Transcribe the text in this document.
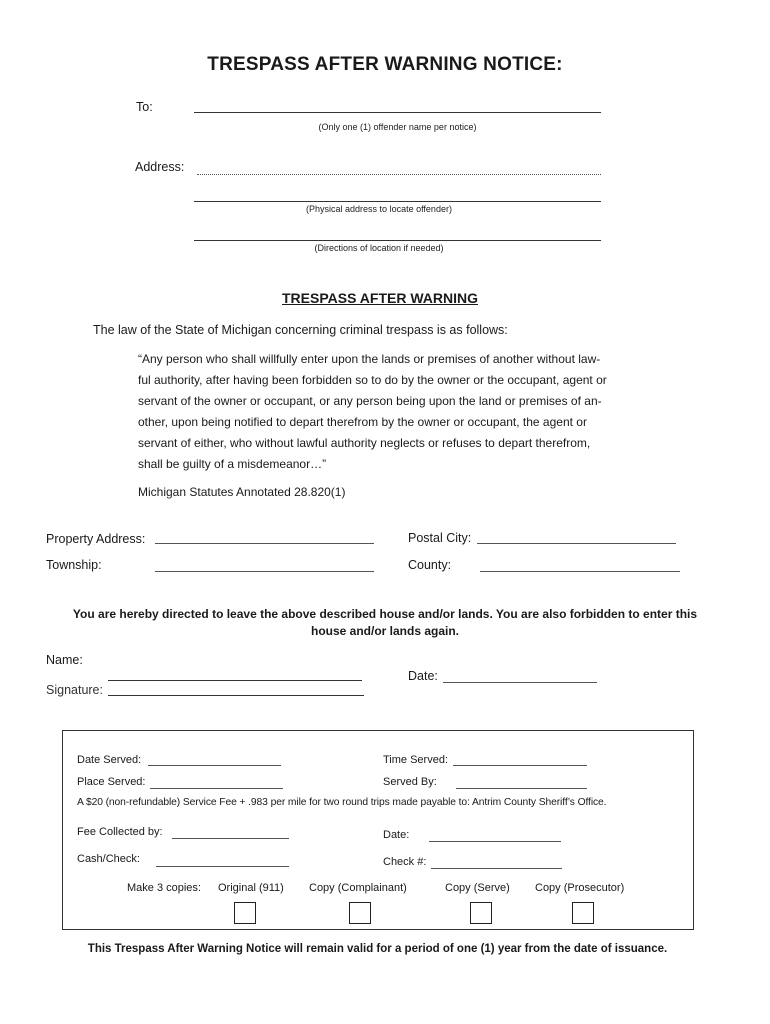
TRESPASS AFTER WARNING NOTICE:
To:
(Only one (1) offender name per notice)
Address:
(Physical address to locate offender)
(Directions of location if needed)
TRESPASS AFTER WARNING
The law of the State of Michigan concerning criminal trespass is as follows:

“Any person who shall willfully enter upon the lands or premises of another without law-

ful authority, after having been forbidden so to do by the owner or the occupant, agent or

servant of the owner or occupant, or any person being upon the land or premises of an-

other, upon being notified to depart therefrom by the owner or occupant, the agent or

servant of either, who without lawful authority neglects or refuses to depart therefrom,

shall be guilty of a misdemeanor…”

Michigan Statutes Annotated 28.820(1)
Property Address:	Postal City:
Township:	County:
You are hereby directed to leave the above described house and/or lands. You are also forbidden to enter this
house and/or lands again.
Name:
Date:
Signature:
Date Served:	Time Served:
Place Served:	Served By:
A $20 (non-refundable) Service Fee + .983 per mile for two round trips made payable to: Antrim County Sheriff’s Office.
Fee Collected by:	Date:
Cash/Check:	Check #:
Make 3 copies: Original (911) Copy (Complainant)	Copy (Serve) Copy (Prosecutor)
This Trespass After Warning Notice will remain valid for a period of one (1) year from the date of issuance.
